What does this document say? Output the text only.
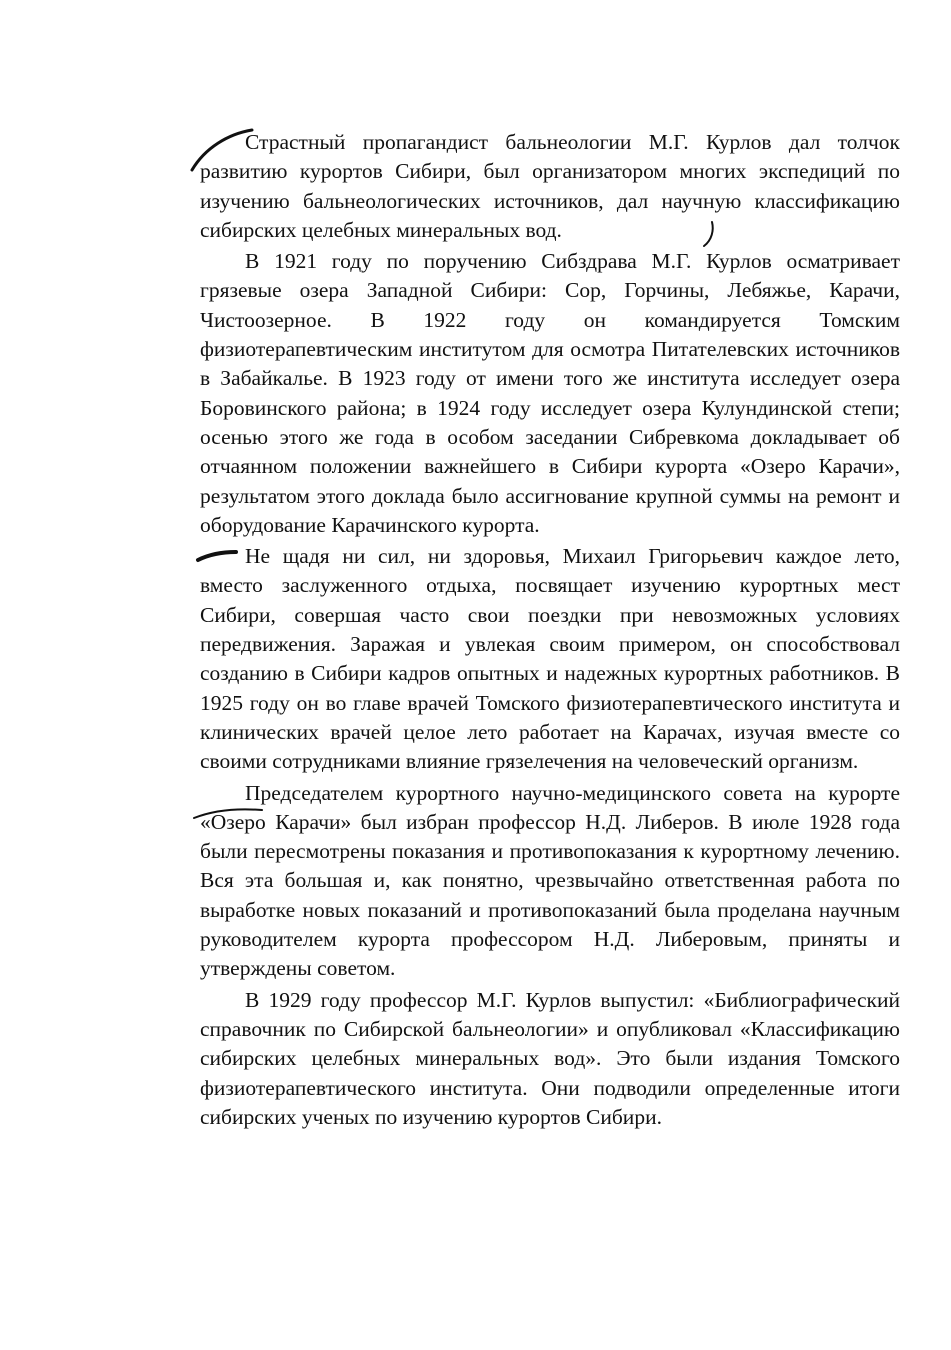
Страстный пропагандист бальнеологии М.Г. Курлов дал толчок развитию курортов Сибири, был организатором многих экспедиций по изучению бальнеологических источников, дал научную классификацию сибирских целебных минеральных вод.

В 1921 году по поручению Сибздрава М.Г. Курлов осматривает грязевые озера Западной Сибири: Сор, Горчины, Лебяжье, Карачи, Чистоозерное. В 1922 году он командируется Томским физиотерапевтическим институтом для осмотра Питателевских источников в Забайкалье. В 1923 году от имени того же института исследует озера Боровинского района; в 1924 году исследует озера Кулундинской степи; осенью этого же года в особом заседании Сибревкома докладывает об отчаянном положении важнейшего в Сибири курорта «Озеро Карачи», результатом этого доклада было ассигнование крупной суммы на ремонт и оборудование Карачинского курорта.

Не щадя ни сил, ни здоровья, Михаил Григорьевич каждое лето, вместо заслуженного отдыха, посвящает изучению курортных мест Сибири, совершая часто свои поездки при невозможных условиях передвижения. Заражая и увлекая своим примером, он способствовал созданию в Сибири кадров опытных и надежных курортных работников. В 1925 году он во главе врачей Томского физиотерапевтического института и клинических врачей целое лето работает на Карачах, изучая вместе со своими сотрудниками влияние грязелечения на человеческий организм.

Председателем курортного научно-медицинского совета на курорте «Озеро Карачи» был избран профессор Н.Д. Либеров. В июле 1928 года были пересмотрены показания и противопоказания к курортному лечению. Вся эта большая и, как понятно, чрезвычайно ответственная работа по выработке новых показаний и противопоказаний была проделана научным руководителем курорта профессором Н.Д. Либеровым, приняты и утверждены советом.

В 1929 году профессор М.Г. Курлов выпустил: «Библиографический справочник по Сибирской бальнеологии» и опубликовал «Классификацию сибирских целебных минеральных вод». Это были издания Томского физиотерапевтического института. Они подводили определенные итоги сибирских ученых по изучению курортов Сибири.
